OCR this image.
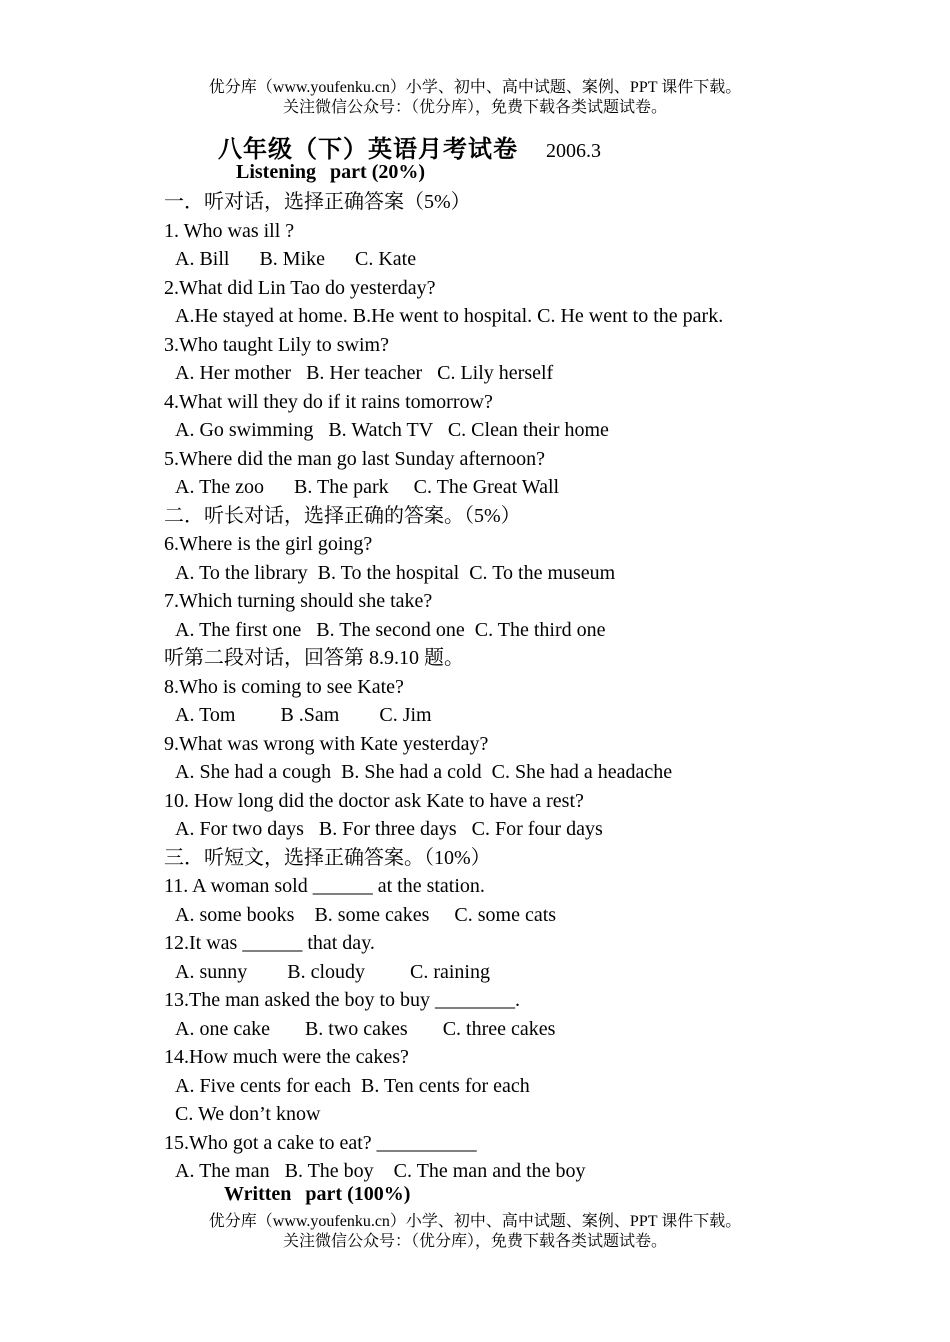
优分库（www.youfenku.cn）小学、初中、高中试题、案例、PPT 课件下载。
关注微信公众号：（优分库），免费下载各类试题试卷。
八年级（下）英语月考试卷 2006.3
Listening part (20%)
一．听对话，选择正确答案（5%）
1. Who was ill ?
A. Bill      B. Mike      C. Kate
2.What did Lin Tao do yesterday?
A.He stayed at home. B.He went to hospital. C. He went to the park.
3.Who taught Lily to swim?
A. Her mother   B. Her teacher   C. Lily herself
4.What will they do if it rains tomorrow?
A. Go swimming   B. Watch TV   C. Clean their home
5.Where did the man go last Sunday afternoon?
A. The zoo      B. The park     C. The Great Wall
二．听长对话，选择正确的答案。（5%）
6.Where is the girl going?
A. To the library  B. To the hospital  C. To the museum
7.Which turning should she take?
A. The first one   B. The second one  C. The third one
听第二段对话，回答第 8.9.10 题。
8.Who is coming to see Kate?
A. Tom         B .Sam        C. Jim
9.What was wrong with Kate yesterday?
A. She had a cough  B. She had a cold  C. She had a headache
10. How long did the doctor ask Kate to have a rest?
A. For two days   B. For three days   C. For four days
三．听短文，选择正确答案。（10%）
11. A woman sold ______ at the station.
A. some books    B. some cakes     C. some cats
12.It was ______ that day.
A. sunny        B. cloudy         C. raining
13.The man asked the boy to buy ________.
A. one cake       B. two cakes       C. three cakes
14.How much were the cakes?
A. Five cents for each  B. Ten cents for each
C. We don’t know
15.Who got a cake to eat? __________
A. The man   B. The boy    C. The man and the boy
Written part (100%)
优分库（www.youfenku.cn）小学、初中、高中试题、案例、PPT 课件下载。
关注微信公众号：（优分库），免费下载各类试题试卷。
